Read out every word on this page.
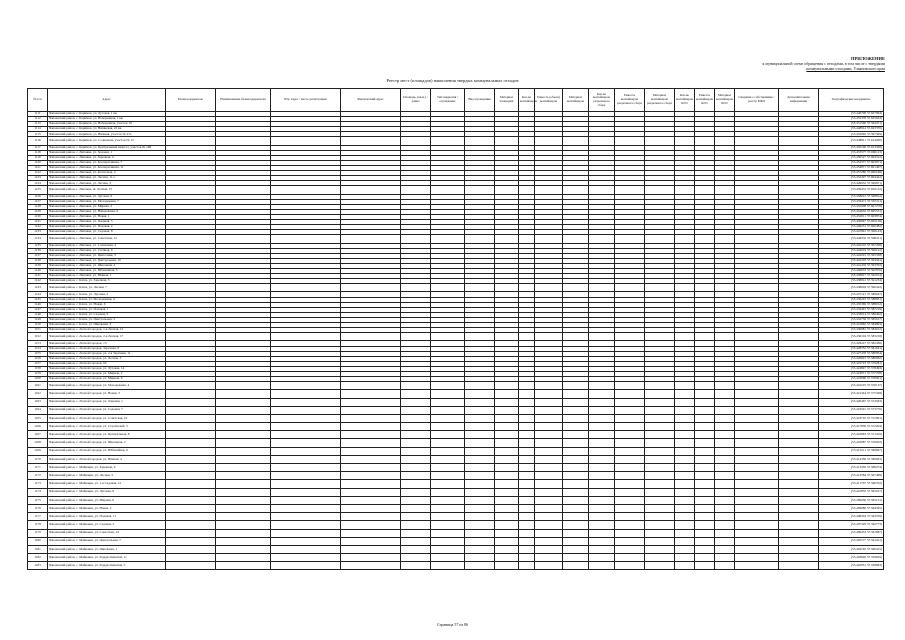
ПРИЛОЖЕНИЕ
к муниципальной схеме обращения с отходами, в том числе с твердыми
коммунальными отходами, Ульяновского края
Реестр мест (площадок) накопления твердых коммунальных отходов
№ п/п	Адрес	Балансодержатель	Наименование балансодержателя	Юр. адрес / место регистрации	Фактический адрес	Площадь, (кв.м.) / длина	Тип покрытия / ограждение	Вид ограждения	Материал площадки	Кол-во контейнеров	Емкость (объем) контейнеров	Материал контейнеров	Кол-во контейнеров раздельного сбора	Емкость контейнеров раздельного сбора	Материал контейнеров раздельного сбора	Кол-во контейнеров КГО	Емкость контейнеров КГО	Материал контейнеров КГО	Сведения о собственнике / реестр МКД	Дополнительная информация	Географические координаты
1111	Чапаевский район, с. Каримов, ул. Луговая, 1 кв.																				(55.446798 37.627904)
1112	Чапаевский район, с. Каримов, ул. Набережная, 1 кв.																				(55.452378 37.625624)
1113	Чапаевский район, с. Каримов, ул. Набережная, участок 19																				(55.451500 37.564471)
1114	Чапаевский район, с. Каримов, ул. Вишневая, 22 кв.																				(55.448914 37.623376)
1115	Чапаевский район, с. Каримов, ул. Нижняя, участок № 27а																				(55.452092 37.597509)
1116	Чапаевский район, с. Каримов, ул. Солнечная, участок № 13																				(55.448811 37.614200)
1117	Чапаевский район, с. Каримов, ул. Центральный квартал, участок № 168																				(55.450196 37.613328)
1118	Чапаевский район, с. Липовка, ул. Зеленая, 1																				(55.453577 37.606113)
1119	Чапаевский район, с. Липовка, ул. Заречная, 4																				(55.450527 37.604312)
1120	Чапаевский район, с. Липовка, ул. Кооперативная, 7																				(55.452377 37.603871)
1121	Чапаевский район, с. Липовка, ул. Кооперативная, 11																				(55.454871 37.601497)
1122	Чапаевский район, с. Липовка, ул. Колхозная, 4																				(55.457280 37.600168)
1123	Чапаевский район, с. Липовка, ул. Лесная, 11 а																				(55.452397 37.604422)
1124	Чапаевский район, с. Липовка, ул. Лесная, 3																				(55.449932 37.599871)
1125	Чапаевский район, с. Липовка, ul. Лесная, 15																				(55.459431 37.602112)
1126	Чапаевский район, с. Липовка, ул. Луговая, 6																				(55.458012 37.598812)
1127	Чапаевский район, с. Липовка, ул. Молодежная, 7																				(55.456471 37.597211)
1128	Чапаевский район, с. Липовка, ул. Мирная, 3																				(55.455908 37.601278)
1129	Чапаевский район, с. Липовка, ул. Набережная, 9																				(55.454632 37.605531)
1130	Чапаевский район, с. Липовка, ул. Новая, 1																				(55.452011 37.603874)
1131	Чапаевский район, с. Липовка, ул. Озерная, 5																				(55.450847 37.602136)
1132	Чапаевский район, с. Липовка, ул. Полевая, 2																				(55.449231 37.600482)
1133	Чапаевский район, с. Липовка, ул. Садовая, 8																				(55.447891 37.599143)
1134	Чапаевский район, с. Липовка, ул. Советская, 12																				(55.446532 37.598411)
1135	Чапаевский район, с. Липовка, ул. Солнечная, 4																				(55.445210 37.597208)
1136	Чапаевский район, с. Липовка, ул. Степная, 6																				(55.444019 37.596122)
1137	Чапаевский район, с. Липовка, ул. Цветочная, 3																				(55.443201 37.595338)
1138	Чапаевский район, с. Липовка, ул. Центральная, 10																				(55.442318 37.594561)
1139	Чапаевский район, с. Липовка, ул. Школьная, 2																				(55.441476 37.593702)
1140	Чапаевский район, с. Липовка, ул. Юбилейная, 5																				(55.440633 37.592876)
1141	Чапаевский район, с. Липовка, ул. Южная, 1																				(55.439817 37.592014)
1142	Чапаевский район, с. Ключ, ул. Заречная, 3																				(55.438912 37.591234)
1143	Чапаевский район, с. Ключ, ул. Лесная, 7																				(55.438004 37.590412)
1144	Чапаевский район, с. Ключ, ул. Луговая, 2																				(55.437121 37.589647)
1145	Чапаевский район, с. Ключ, ул. Молодежная, 4																				(55.436243 37.588831)
1146	Чапаевский район, с. Ключ, ул. Новая, 6																				(55.435369 37.588012)
1147	Чапаевский район, с. Ключ, ул. Полевая, 1																				(55.434491 37.587219)
1148	Чапаевский район, с. Ключ, ул. Садовая, 9																				(55.433614 37.586402)
1149	Чапаевский район, с. Ключ, ул. Центральная, 5																				(55.432736 37.585617)
1150	Чапаевский район, с. Ключ, ул. Школьная, 3																				(55.431862 37.584803)
1151	Чапаевский район, с. Лесной городок, 1-я Лесная, 12																				(55.430981 37.584012)
1152	Чапаевский район, с. Лесной городок, 2-я Лесная, 17																				(55.430104 37.583218)
1153	Чапаевский район, с. Лесной городок, 15																				(55.429227 37.582436)
1154	Чапаевский район, с. Лесной городок, Заречная, 8																				(55.428352 37.581641)
1155	Чапаевский район, с. Лесной городок, ул. 2-я Заречная, 11																				(55.427478 37.580854)
1156	Чапаевский район, с. Лесной городок, ул. Лесная, 3																				(55.426601 37.580062)
1157	Чапаевский район, с. Лесной городок, 9б																				(55.425723 37.579281)
1158	Чапаевский район, с. Лесной городок, ул. Луговая, 14																				(55.424847 37.578493)
1159	Чапаевский район, с. Лесной городок, ул. Мирная, 2																				(55.423971 37.577708)
1160	Чапаевский район, с. Лесной городок, ул. Мирная, 6																				(55.423096 37.576921)
1161	Чапаевский район, с. Лесной городок, ул. Молодежная, 4																				(55.422219 37.576137)
1162	Чапаевский район, с. Лесной городок, ул. Новая, 3																				(55.421344 37.575348)
1163	Чапаевский район, с. Лесной городок, ул. Озерная, 1																				(55.420467 37.574563)
1164	Чапаевский район, с. Лесной городок, ул. Садовая, 7																				(55.419591 37.573776)
1165	Чапаевский район, с. Лесной городок, ул. Советская, 10																				(55.418716 37.572991)
1166	Чапаевский район, с. Лесной городок, ул. Строителей, 5																				(55.417839 37.572204)
1167	Чапаевский район, с. Лесной городок, ул. Центральная, 8																				(55.416963 37.571419)
1168	Чапаевский район, с. Лесной городок, ул. Школьная, 2																				(55.416087 37.570632)
1169	Чапаевский район, с. Лесной городок, ул. Юбилейная, 6																				(55.415211 37.569847)
1170	Чапаевский район, с. Лесной городок, ул. Южная, 4																				(55.414336 37.569061)
1171	Чапаевский район, с. Майковка, ул. Заречная, 9																				(55.413459 37.568274)
1172	Чапаевский район, с. Майковка, ул. Лесная, 3																				(55.412584 37.567489)
1173	Чапаевский район, с. Майковка, ул. 1-я Садовая, 12																				(55.411707 37.566702)
1174	Чапаевский район, с. Майковка, ул. Луговая, 8																				(55.410832 37.565917)
1175	Чапаевский район, с. Майковка, ул. Мирная, 6																				(55.409956 37.565131)
1176	Чапаевский район, с. Майковка, ул. Новая, 2																				(55.409080 37.564345)
1177	Чапаевский район, с. Майковка, ул. Полевая, 11																				(55.408204 37.563559)
1178	Чапаевский район, с. Майковка, ул. Садовая, 5																				(55.407329 37.562773)
1179	Чапаевский район, с. Майковка, ул. Советская, 14																				(55.406453 37.561987)
1180	Чапаевский район, с. Майковка, ул. Центральная, 7																				(55.405577 37.561201)
1181	Чапаевский район, с. Майковка, ул. Школьная, 1																				(55.404702 37.560415)
1182	Чапаевский район, с. Майковка, ул. Рождественская, 11																				(55.403826 37.559629)
1183	Чапаевский район, с. Майковка, ул. Рождественская, 5																				(55.402951 37.558843)
Страница 57 из 86
